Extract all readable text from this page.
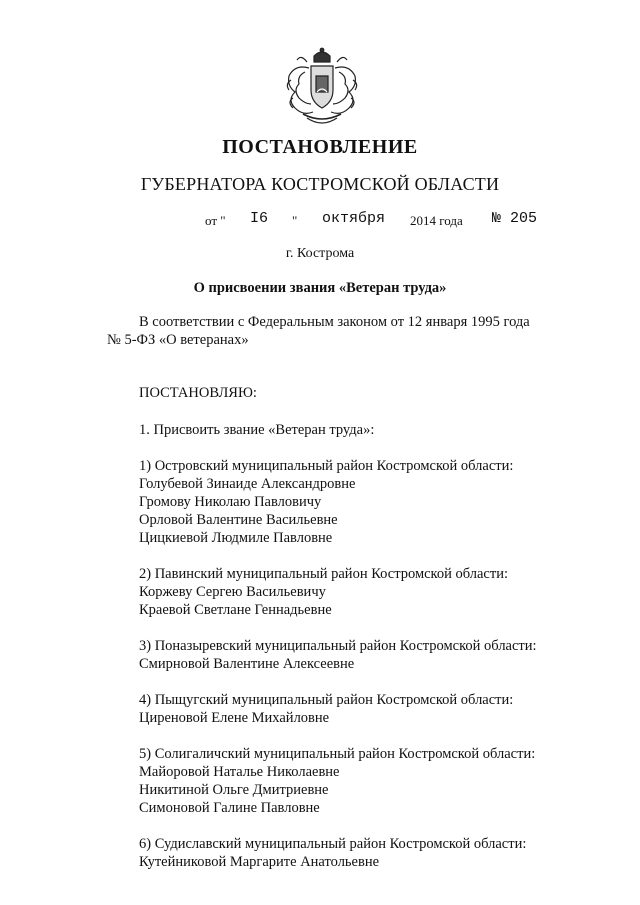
ПОСТАНОВЛЕНИЕ
ГУБЕРНАТОРА КОСТРОМСКОЙ ОБЛАСТИ
от " I6 " октября 2014 года № 205
г. Кострома
О присвоении звания «Ветеран труда»

В соответствии с Федеральным законом от 12 января 1995 года

№ 5-ФЗ «О ветеранах»

ПОСТАНОВЛЯЮ:

1. Присвоить звание «Ветеран труда»:

1) Островский муниципальный район Костромской области:

Голубевой Зинаиде Александровне

Громову Николаю Павловичу

Орловой Валентине Васильевне

Цицкиевой Людмиле Павловне

2) Павинский муниципальный район Костромской области:

Коржеву Сергею Васильевичу

Краевой Светлане Геннадьевне

3) Поназыревский муниципальный район Костромской области:

Смирновой Валентине Алексеевне

4) Пыщугский муниципальный район Костромской области:

Циреновой Елене Михайловне

5) Солигаличский муниципальный район Костромской области:

Майоровой Наталье Николаевне

Никитиной Ольге Дмитриевне

Симоновой Галине Павловне

6) Судиславский муниципальный район Костромской области:

Кутейниковой Маргарите Анатольевне
